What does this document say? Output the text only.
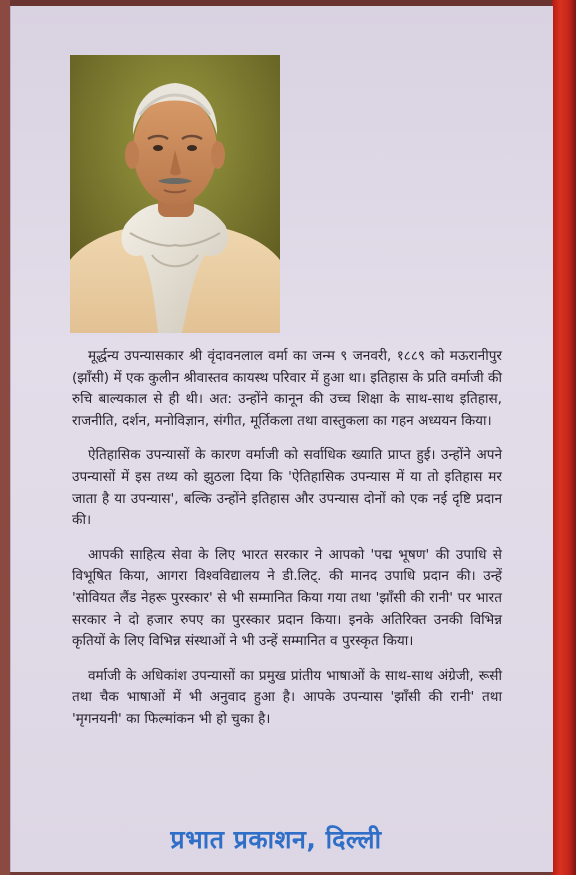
मूर्द्धन्य उपन्यासकार श्री वृंदावनलाल वर्मा का जन्म ९ जनवरी, १८८९ को मऊरानीपुर (झाँसी) में एक कुलीन श्रीवास्तव कायस्थ परिवार में हुआ था। इतिहास के प्रति वर्माजी की रुचि बाल्यकाल से ही थी। अत: उन्होंने कानून की उच्च शिक्षा के साथ-साथ इतिहास, राजनीति, दर्शन, मनोविज्ञान, संगीत, मूर्तिकला तथा वास्तुकला का गहन अध्ययन किया।

ऐतिहासिक उपन्यासों के कारण वर्माजी को सर्वाधिक ख्याति प्राप्त हुई। उन्होंने अपने उपन्यासों में इस तथ्य को झुठला दिया कि 'ऐतिहासिक उपन्यास में या तो इतिहास मर जाता है या उपन्यास', बल्कि उन्होंने इतिहास और उपन्यास दोनों को एक नई दृष्टि प्रदान की।

आपकी साहित्य सेवा के लिए भारत सरकार ने आपको 'पद्म भूषण' की उपाधि से विभूषित किया, आगरा विश्वविद्यालय ने डी.लिट्. की मानद उपाधि प्रदान की। उन्हें 'सोवियत लैंड नेहरू पुरस्कार' से भी सम्मानित किया गया तथा 'झाँसी की रानी' पर भारत सरकार ने दो हजार रुपए का पुरस्कार प्रदान किया। इनके अतिरिक्त उनकी विभिन्न कृतियों के लिए विभिन्न संस्थाओं ने भी उन्हें सम्मानित व पुरस्कृत किया।

वर्माजी के अधिकांश उपन्यासों का प्रमुख प्रांतीय भाषाओं के साथ-साथ अंग्रेजी, रूसी तथा चैक भाषाओं में भी अनुवाद हुआ है। आपके उपन्यास 'झाँसी की रानी' तथा 'मृगनयनी' का फिल्मांकन भी हो चुका है।

प्रभात प्रकाशन, दिल्ली
